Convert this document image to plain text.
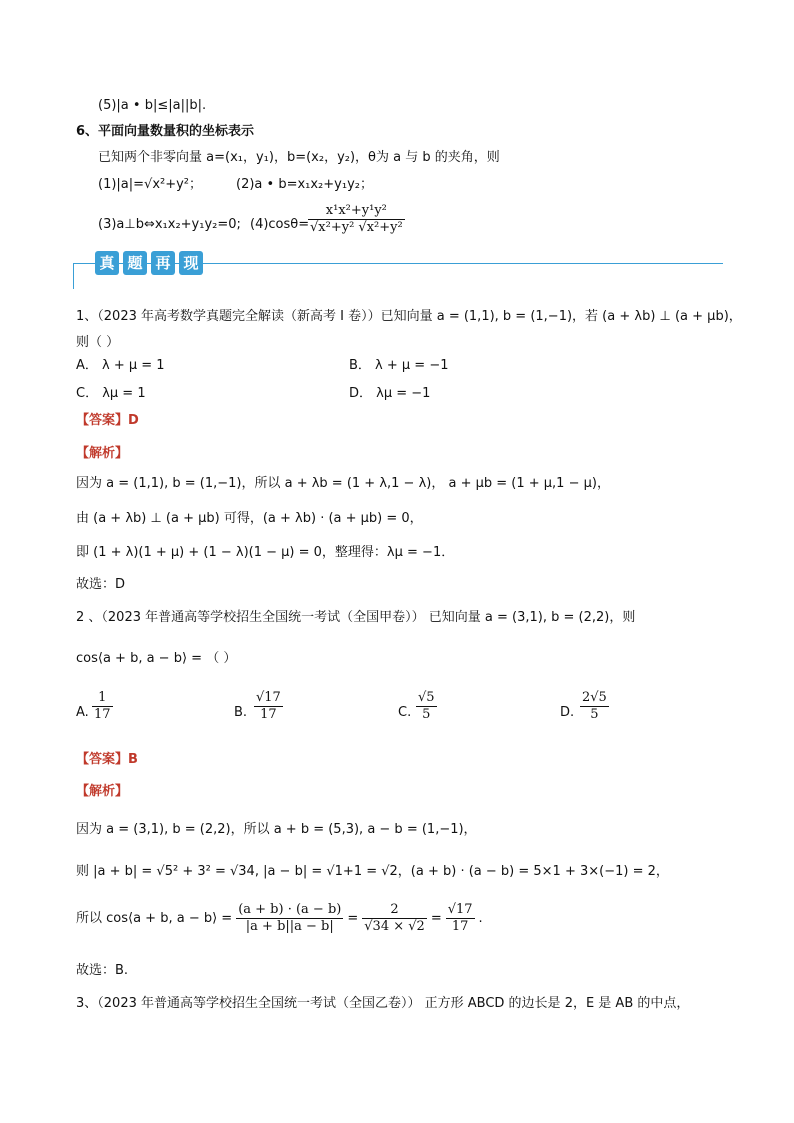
(5)|a • b|≤|a||b|.
6、平面向量数量积的坐标表示
已知两个非零向量 a=(x₁，y₁)，b=(x₂，y₂)，θ为 a 与 b 的夹角，则
(1)|a|=√x²+y²；	(2)a • b=x₁x₂+y₁y₂；
(3)a⊥b⇔x₁x₂+y₁y₂=0; (4)cosθ=
$\frac{\text{x¹x²+y¹y²}}{\text{√x²+y² √x²+y²}}$
真 题 再 现
1、（2023 年高考数学真题完全解读（新高考 I 卷））已知向量 a = (1,1), b = (1,−1)，若 (a + λb) ⊥ (a + μb)，
则（ ）
A． λ + μ = 1	B． λ + μ = −1
C． λμ = 1	D． λμ = −1
【答案】D
【解析】
因为 a = (1,1), b = (1,−1)，所以 a + λb = (1 + λ,1 − λ)， a + μb = (1 + μ,1 − μ)，
由 (a + λb) ⊥ (a + μb) 可得，(a + λb) · (a + μb) = 0，
即 (1 + λ)(1 + μ) + (1 − λ)(1 − μ) = 0，整理得：λμ = −1．
故选：D
2 、（2023 年普通高等学校招生全国统一考试（全国甲卷）） 已知向量 a = (3,1), b = (2,2)，则
cos⟨a + b, a − b⟩ = （ ）
A. $\frac{1}{17}$	B. $\frac{√17}{17}$	C. $\frac{√5}{5}$	D. $\frac{2√5}{5}$
【答案】B
【解析】
因为 a = (3,1), b = (2,2)，所以 a + b = (5,3), a − b = (1,−1)，
则 |a + b| = √5² + 3² = √34, |a − b| = √1+1 = √2，(a + b) · (a − b) = 5×1 + 3×(−1) = 2，
所以 cos⟨a + b, a − b⟩ = $\frac{(a + b) \cdot (a - b)}{|a + b||a - b|} = \frac{2}{√34 \times √2} = \frac{√17}{17}$ .
故选：B.
3、（2023 年普通高等学校招生全国统一考试（全国乙卷）） 正方形 ABCD 的边长是 2，E 是 AB 的中点，
